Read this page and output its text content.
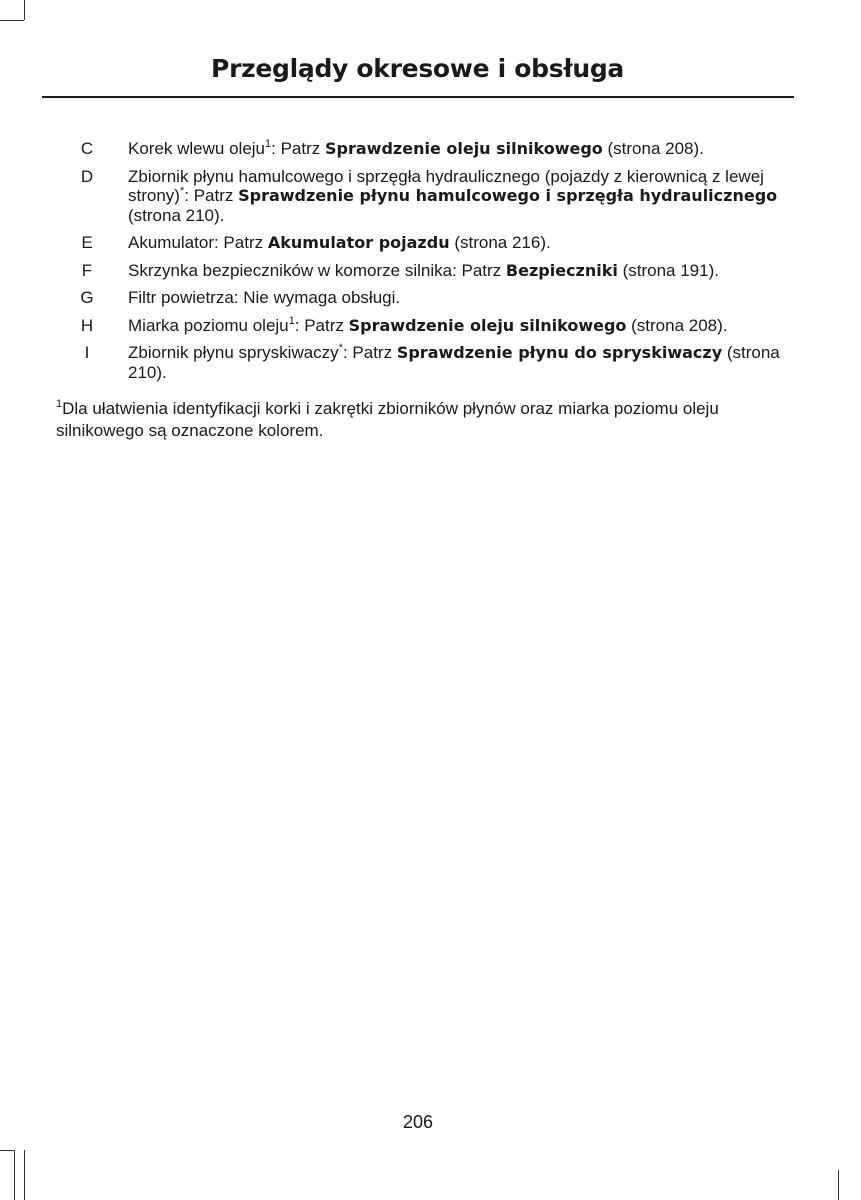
Przeglądy okresowe i obsługa
C	Korek wlewu oleju$^1$: Patrz Sprawdzenie oleju silnikowego (strona 208).
D	Zbiornik płynu hamulcowego i sprzęgła hydraulicznego (pojazdy z kierownicą z lewej strony)*: Patrz Sprawdzenie płynu hamulcowego i sprzęgła hydraulicznego (strona 210).
E	Akumulator: Patrz Akumulator pojazdu (strona 216).
F	Skrzynka bezpieczników w komorze silnika: Patrz Bezpieczniki (strona 191).
G	Filtr powietrza: Nie wymaga obsługi.
H	Miarka poziomu oleju$^1$: Patrz Sprawdzenie oleju silnikowego (strona 208).
I	Zbiornik płynu spryskiwaczy*: Patrz Sprawdzenie płynu do spryskiwaczy (strona 210).

$^1$Dla ułatwienia identyfikacji korki i zakrętki zbiorników płynów oraz miarka poziomu oleju silnikowego są oznaczone kolorem.

206
